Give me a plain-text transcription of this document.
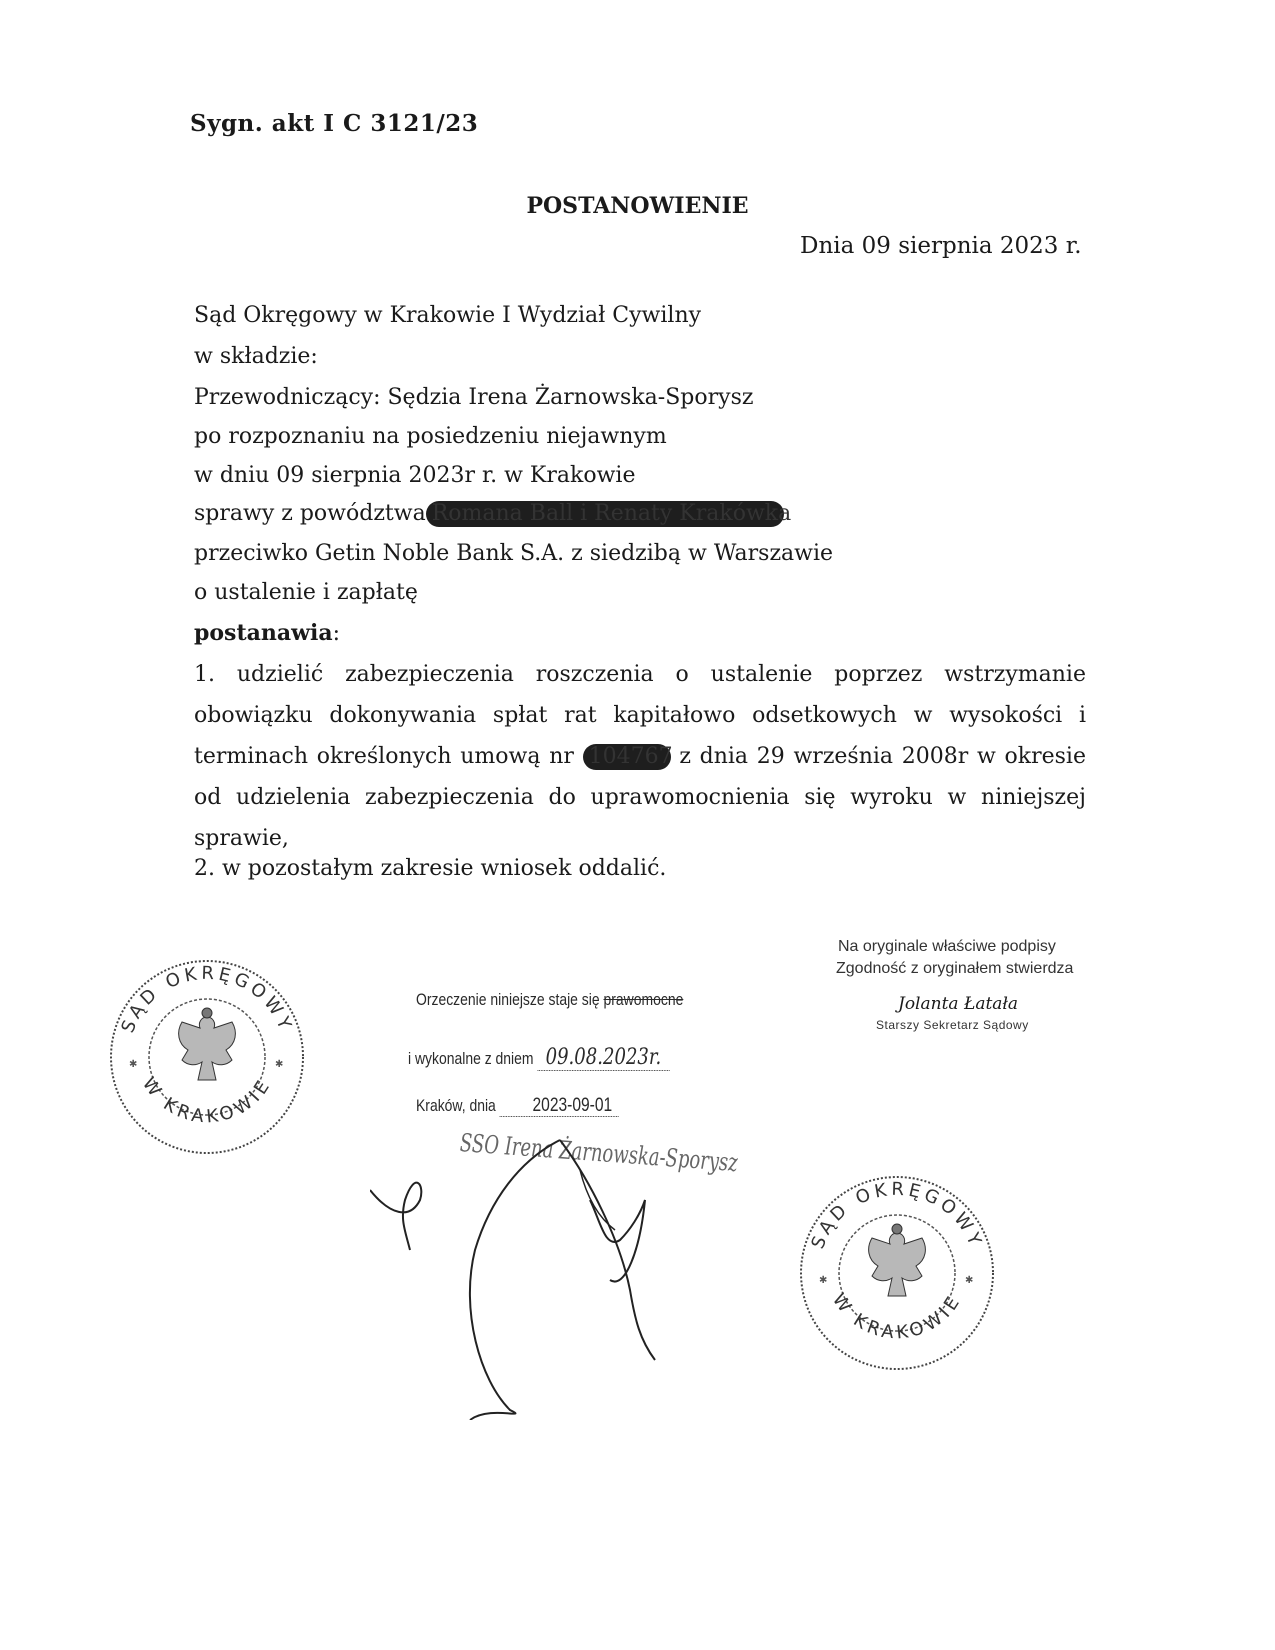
Sygn. akt I C 3121/23
POSTANOWIENIE
Dnia 09 sierpnia 2023 r.
Sąd Okręgowy w Krakowie I Wydział Cywilny
w składzie:
Przewodniczący: Sędzia Irena Żarnowska-Sporysz
po rozpoznaniu na posiedzeniu niejawnym
w dniu 09 sierpnia 2023r r. w Krakowie
sprawy z powództwa Romana Ball i Renaty Krakówka
przeciwko Getin Noble Bank S.A. z siedzibą w Warszawie
o ustalenie i zapłatę
postanawia:
1. udzielić zabezpieczenia roszczenia o ustalenie poprzez wstrzymanie obowiązku dokonywania spłat rat kapitałowo odsetkowych w wysokości i terminach określonych umową nr 104767 z dnia 29 września 2008r w okresie od udzielenia zabezpieczenia do uprawomocnienia się wyroku w niniejszej sprawie,
2. w pozostałym zakresie wniosek oddalić.
SĄD OKRĘGOWY
W KRAKOWIE
✱	✱
SĄD OKRĘGOWY
W KRAKOWIE
✱	✱
Na oryginale właściwe podpisy
Zgodność z oryginałem stwierdza
Jolanta Łatała
Starszy Sekretarz Sądowy
Orzeczenie niniejsze staje się prawomocne
i wykonalne z dniem 09.08.2023r.
Kraków, dnia 2023-09-01
SSO Irena Żarnowska-Sporysz
